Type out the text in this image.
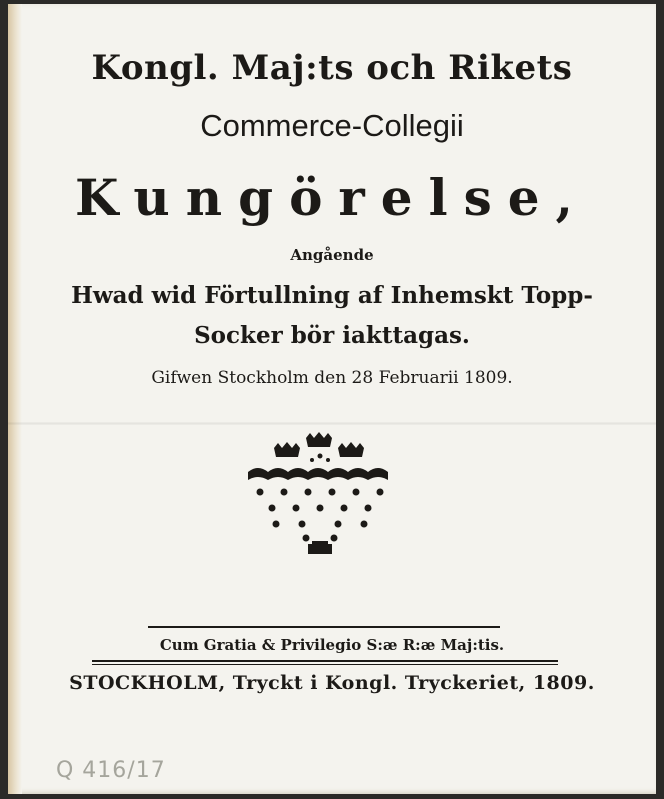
Kongl. Maj:ts och Rikets
Commerce-Collegii
Kungörelse,
Angående
Hwad wid Förtullning af Inhemskt Topp-
Socker bör iakttagas.
Gifwen Stockholm den 28 Februarii 1809.
Cum Gratia & Privilegio S:æ R:æ Maj:tis.
STOCKHOLM, Tryckt i Kongl. Tryckeriet, 1809.
Q 416/17
